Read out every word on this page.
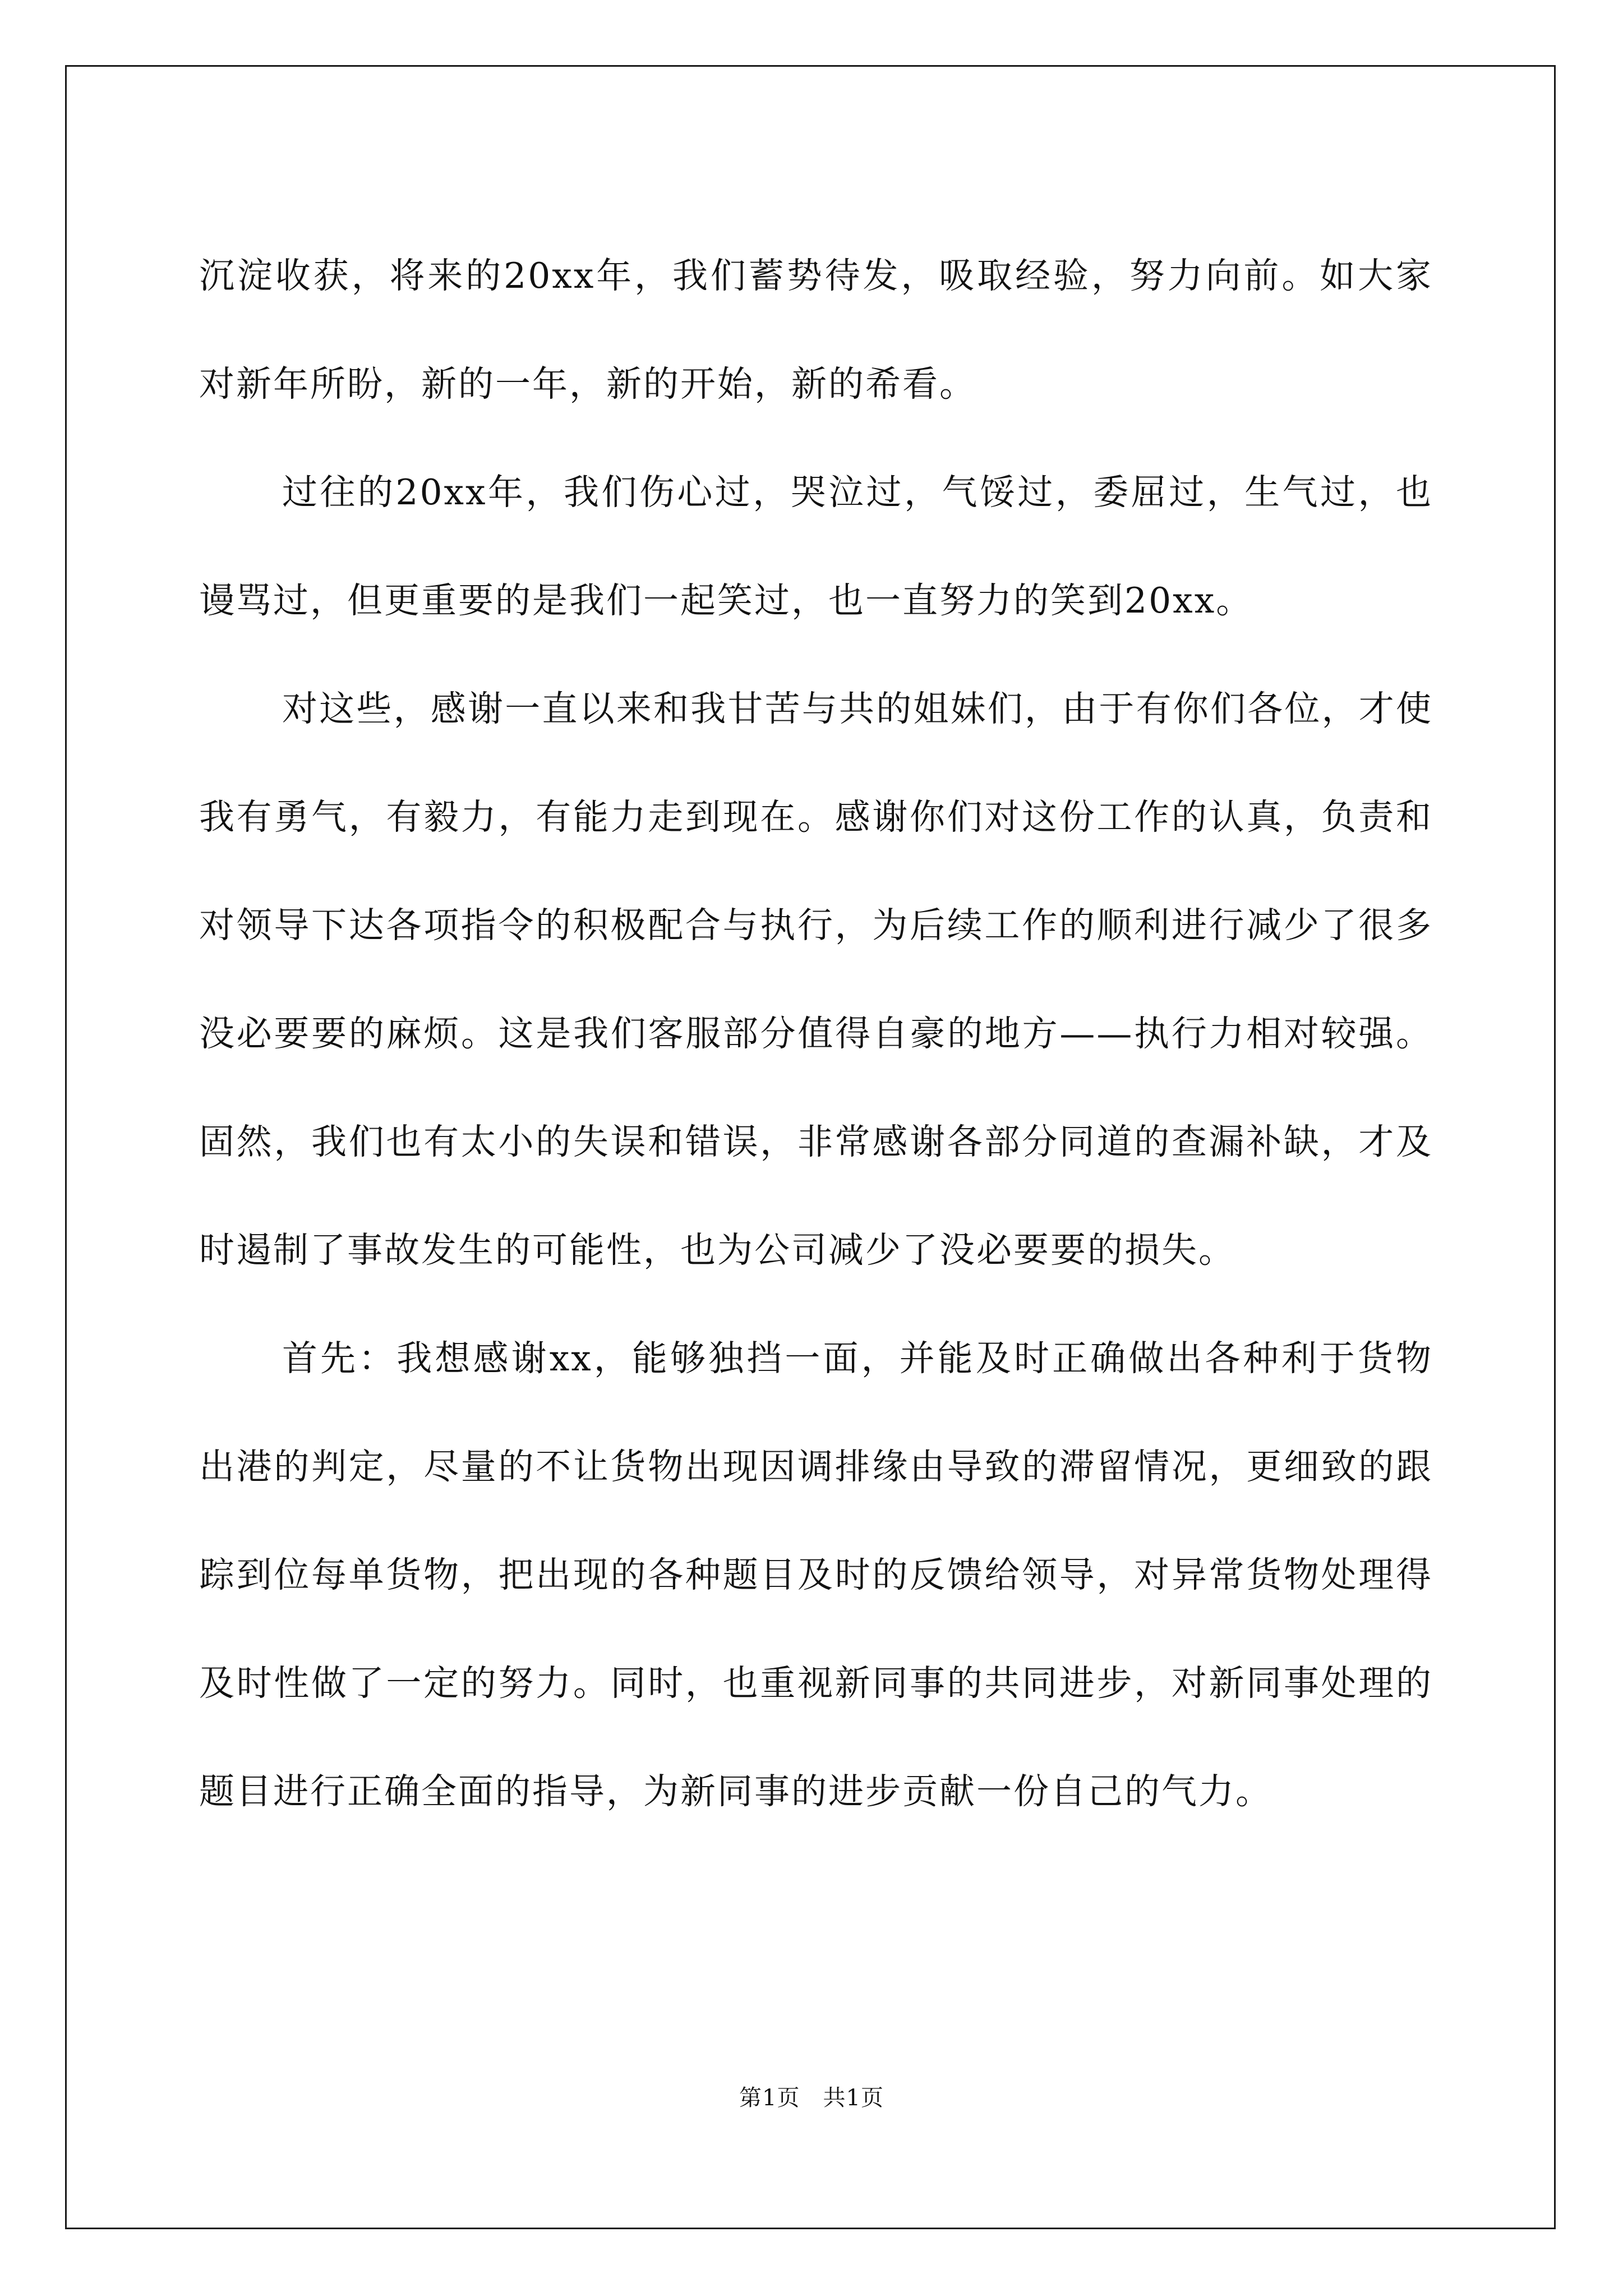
沉淀收获，将来的20xx年，我们蓄势待发，吸取经验，努力向前。如大家对新年所盼，新的一年，新的开始，新的希看。

过往的20xx年，我们伤心过，哭泣过，气馁过，委屈过，生气过，也谩骂过，但更重要的是我们一起笑过，也一直努力的笑到20xx。

对这些，感谢一直以来和我甘苦与共的姐妹们，由于有你们各位，才使我有勇气，有毅力，有能力走到现在。感谢你们对这份工作的认真，负责和对领导下达各项指令的积极配合与执行，为后续工作的顺利进行减少了很多没必要要的麻烦。这是我们客服部分值得自豪的地方——执行力相对较强。固然，我们也有太小的失误和错误，非常感谢各部分同道的查漏补缺，才及时遏制了事故发生的可能性，也为公司减少了没必要要的损失。

首先：我想感谢xx，能够独挡一面，并能及时正确做出各种利于货物出港的判定，尽量的不让货物出现因调排缘由导致的滞留情况，更细致的跟踪到位每单货物，把出现的各种题目及时的反馈给领导，对异常货物处理得及时性做了一定的努力。同时，也重视新同事的共同进步，对新同事处理的题目进行正确全面的指导，为新同事的进步贡献一份自己的气力。

第1页　共1页
